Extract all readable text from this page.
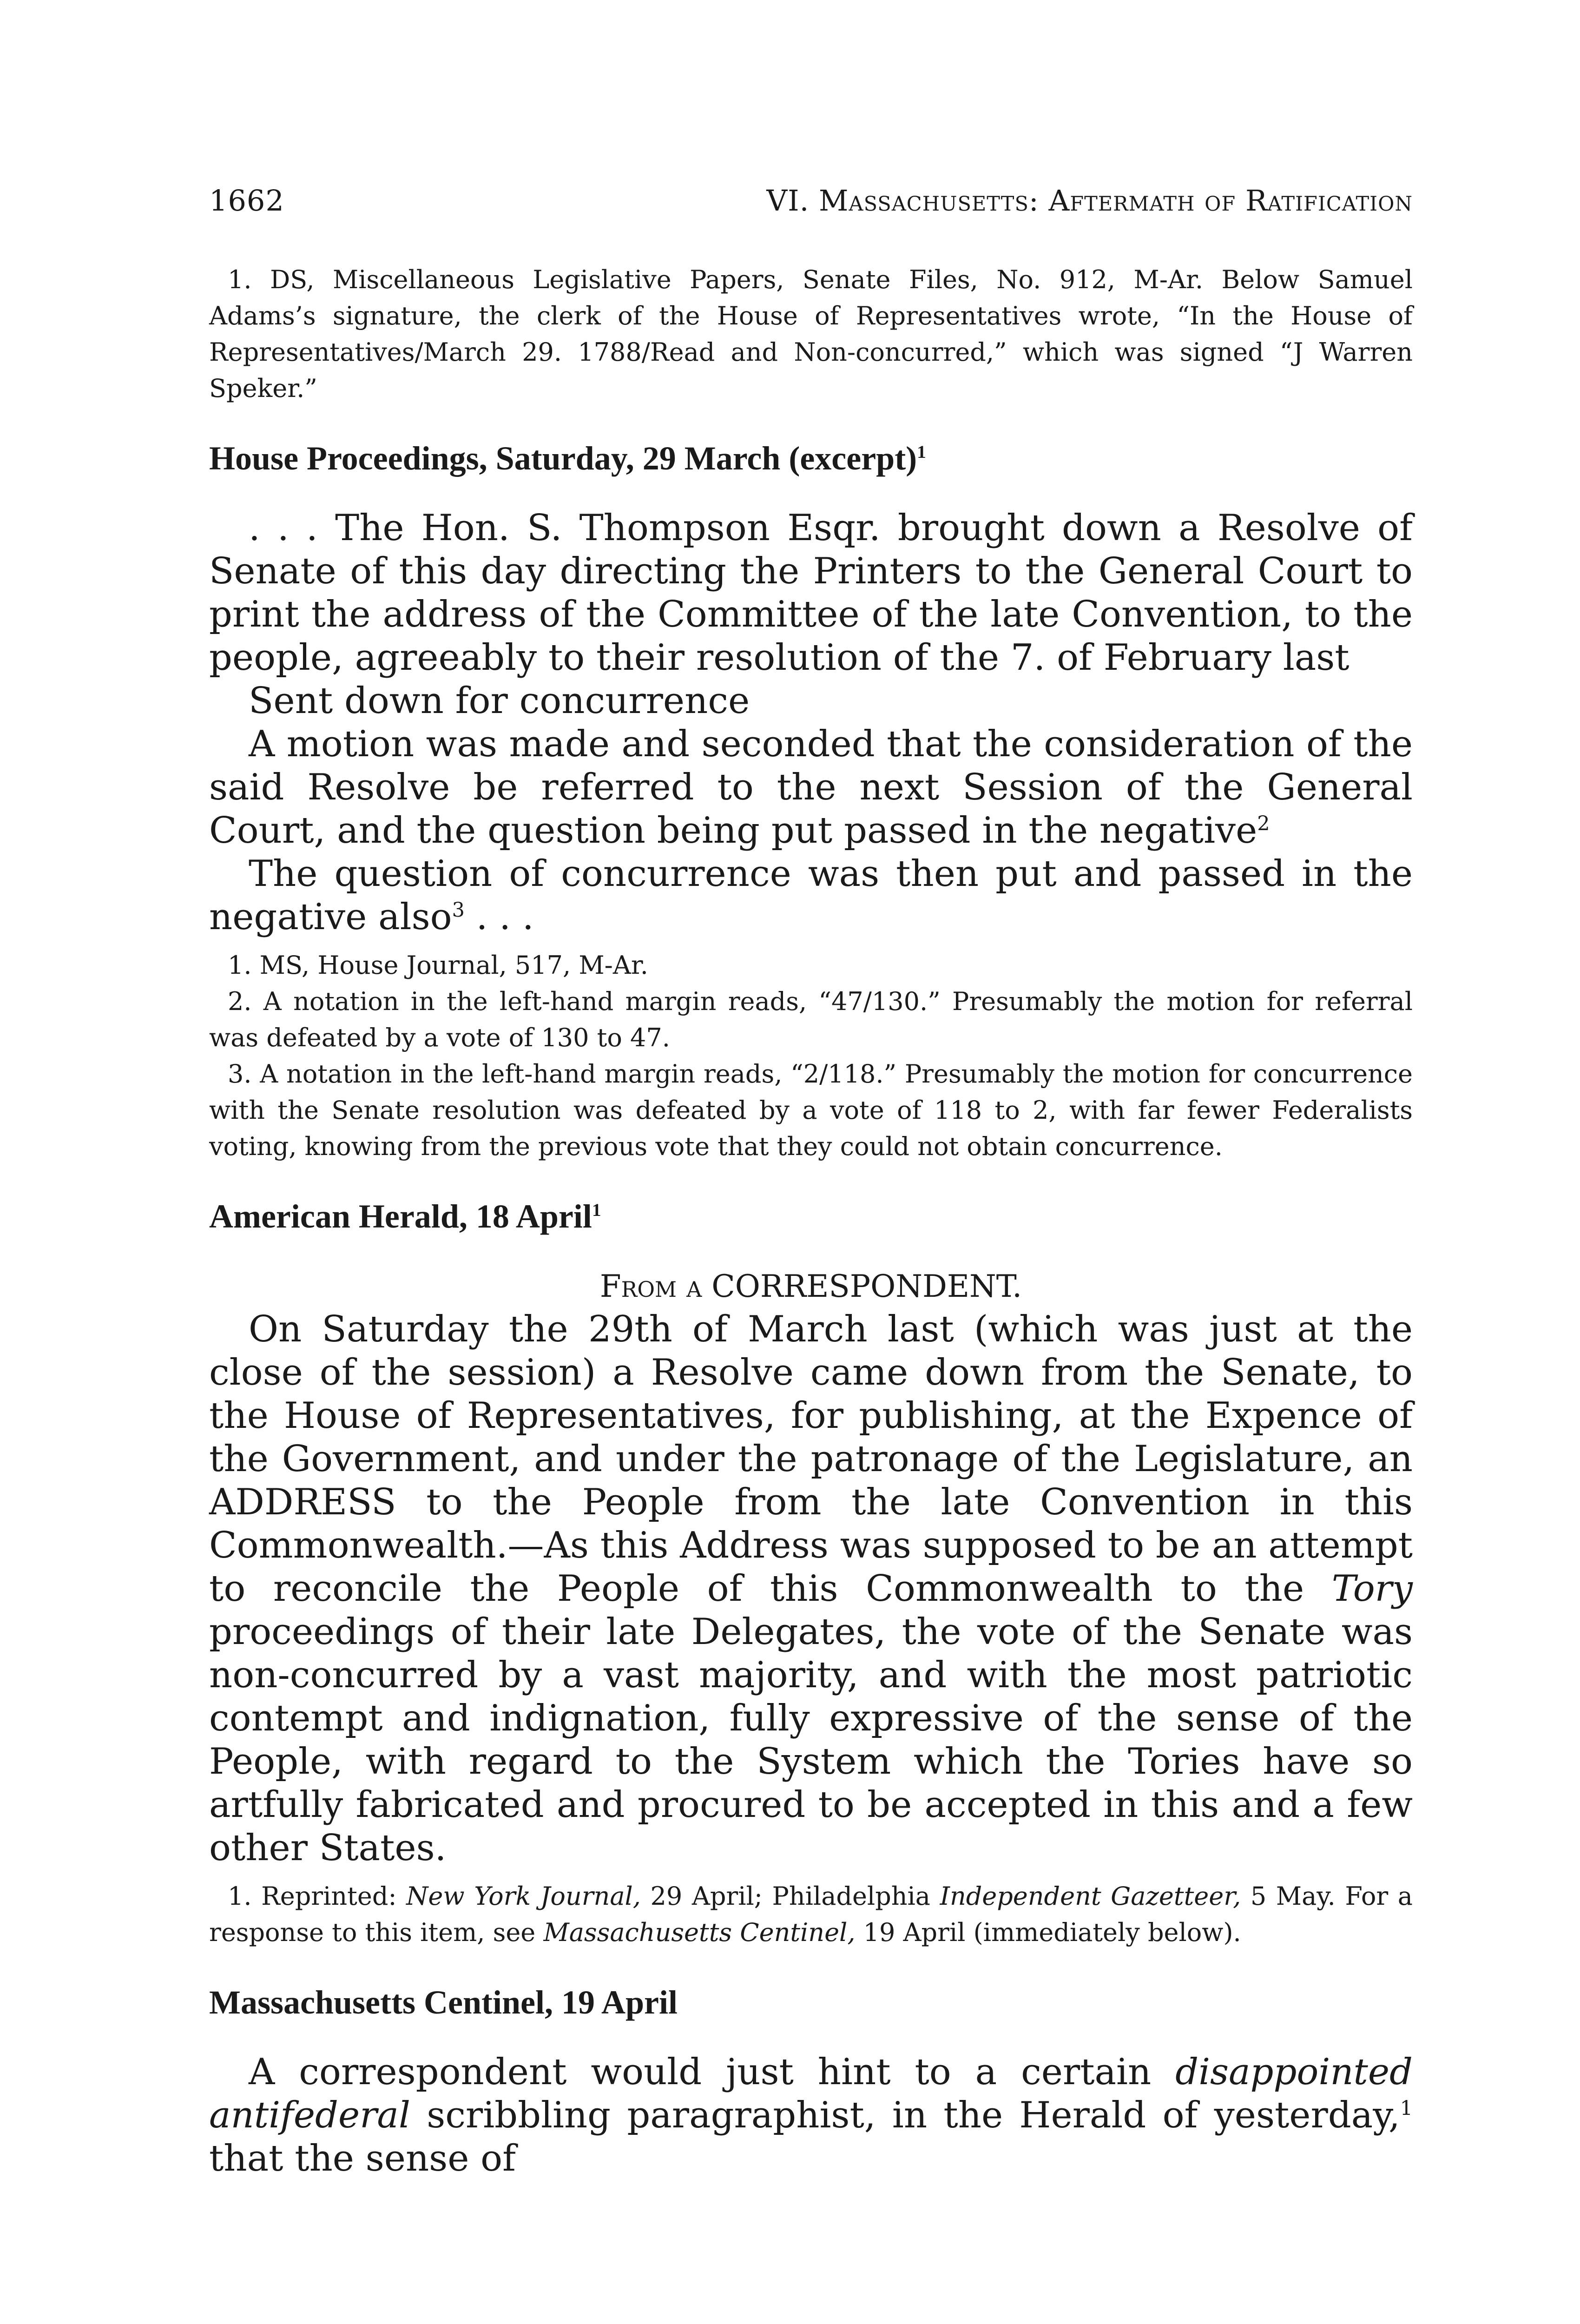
1662	VI. Massachusetts: Aftermath of Ratification

1. DS, Miscellaneous Legislative Papers, Senate Files, No. 912, M-Ar. Below Samuel Adams’s signature, the clerk of the House of Representatives wrote, “In the House of Representatives/March 29. 1788/Read and Non-concurred,” which was signed “J Warren Speker.”

House Proceedings, Saturday, 29 March (excerpt)$^1$

. . . The Hon. S. Thompson Esqr. brought down a Resolve of Senate of this day directing the Printers to the General Court to print the address of the Committee of the late Convention, to the people, agreeably to their resolution of the 7. of February last

Sent down for concurrence

A motion was made and seconded that the consideration of the said Resolve be referred to the next Session of the General Court, and the question being put passed in the negative$^2$

The question of concurrence was then put and passed in the negative also$^3$ . . .

1. MS, House Journal, 517, M-Ar.

2. A notation in the left-hand margin reads, “47/130.” Presumably the motion for referral was defeated by a vote of 130 to 47.

3. A notation in the left-hand margin reads, “2/118.” Presumably the motion for concurrence with the Senate resolution was defeated by a vote of 118 to 2, with far fewer Federalists voting, knowing from the previous vote that they could not obtain concurrence.

American Herald, 18 April$^1$

From a CORRESPONDENT.

On Saturday the 29th of March last (which was just at the close of the session) a Resolve came down from the Senate, to the House of Representatives, for publishing, at the Expence of the Government, and under the patronage of the Legislature, an ADDRESS to the People from the late Convention in this Commonwealth.—As this Address was supposed to be an attempt to reconcile the People of this Commonwealth to the Tory proceedings of their late Delegates, the vote of the Senate was non-concurred by a vast majority, and with the most patriotic contempt and indignation, fully expressive of the sense of the People, with regard to the System which the Tories have so artfully fabricated and procured to be accepted in this and a few other States.

1. Reprinted: New York Journal, 29 April; Philadelphia Independent Gazetteer, 5 May. For a response to this item, see Massachusetts Centinel, 19 April (immediately below).

Massachusetts Centinel, 19 April

A correspondent would just hint to a certain disappointed antifederal scribbling paragraphist, in the Herald of yesterday,$^1$ that the sense of
